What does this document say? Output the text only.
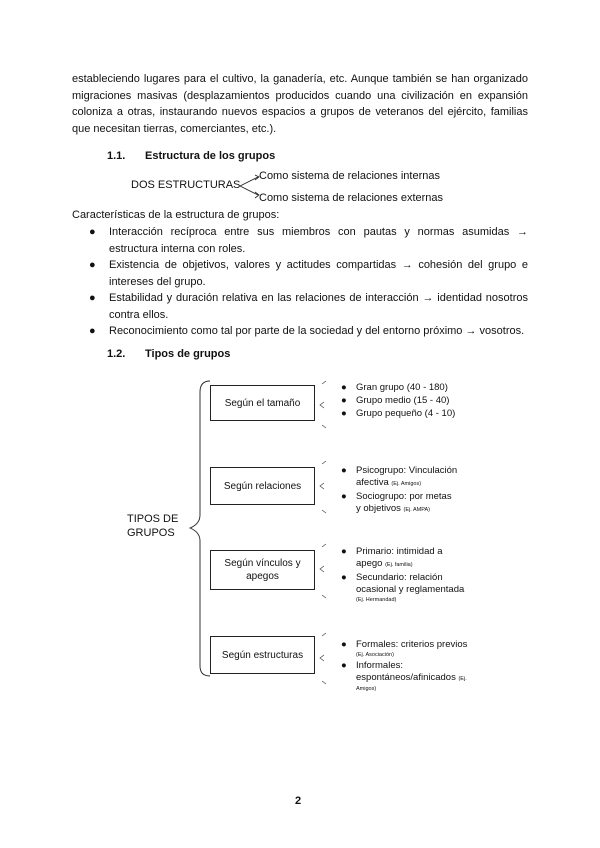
estableciendo lugares para el cultivo, la ganadería, etc. Aunque también se han organizado
migraciones masivas (desplazamientos producidos cuando una civilización en expansión
coloniza a otras, instaurando nuevos espacios a grupos de veteranos del ejército, familias
que necesitan tierras, comerciantes, etc.).
1.1. Estructura de los grupos
DOS ESTRUCTURAS
Como sistema de relaciones internas
Como sistema de relaciones externas
Características de la estructura de grupos:
● Interacción recíproca entre sus miembros con pautas y normas asumidas →
estructura interna con roles.
● Existencia de objetivos, valores y actitudes compartidas → cohesión del grupo e
intereses del grupo.
● Estabilidad y duración relativa en las relaciones de interacción → identidad nosotros
contra ellos.
● Reconocimiento como tal por parte de la sociedad y del entorno próximo → vosotros.
1.2. Tipos de grupos
TIPOS DE
GRUPOS
Según el tamaño
Según relaciones
Según vínculos y
apegos
Según estructuras
● Gran grupo (40 - 180)
● Grupo medio (15 - 40)
● Grupo pequeño (4 - 10)
● Psicogrupo: Vinculación
afectiva (Ej. Amigos)
● Sociogrupo: por metas
y objetivos (Ej. AMPA)
● Primario: intimidad a
apego (Ej. familia)
● Secundario: relación
ocasional y reglamentada
(Ej. Hermandad)
● Formales: criterios previos
(Ej. Asociación)
● Informales:
espontáneos/afinicados (Ej.
Amigos)
2
